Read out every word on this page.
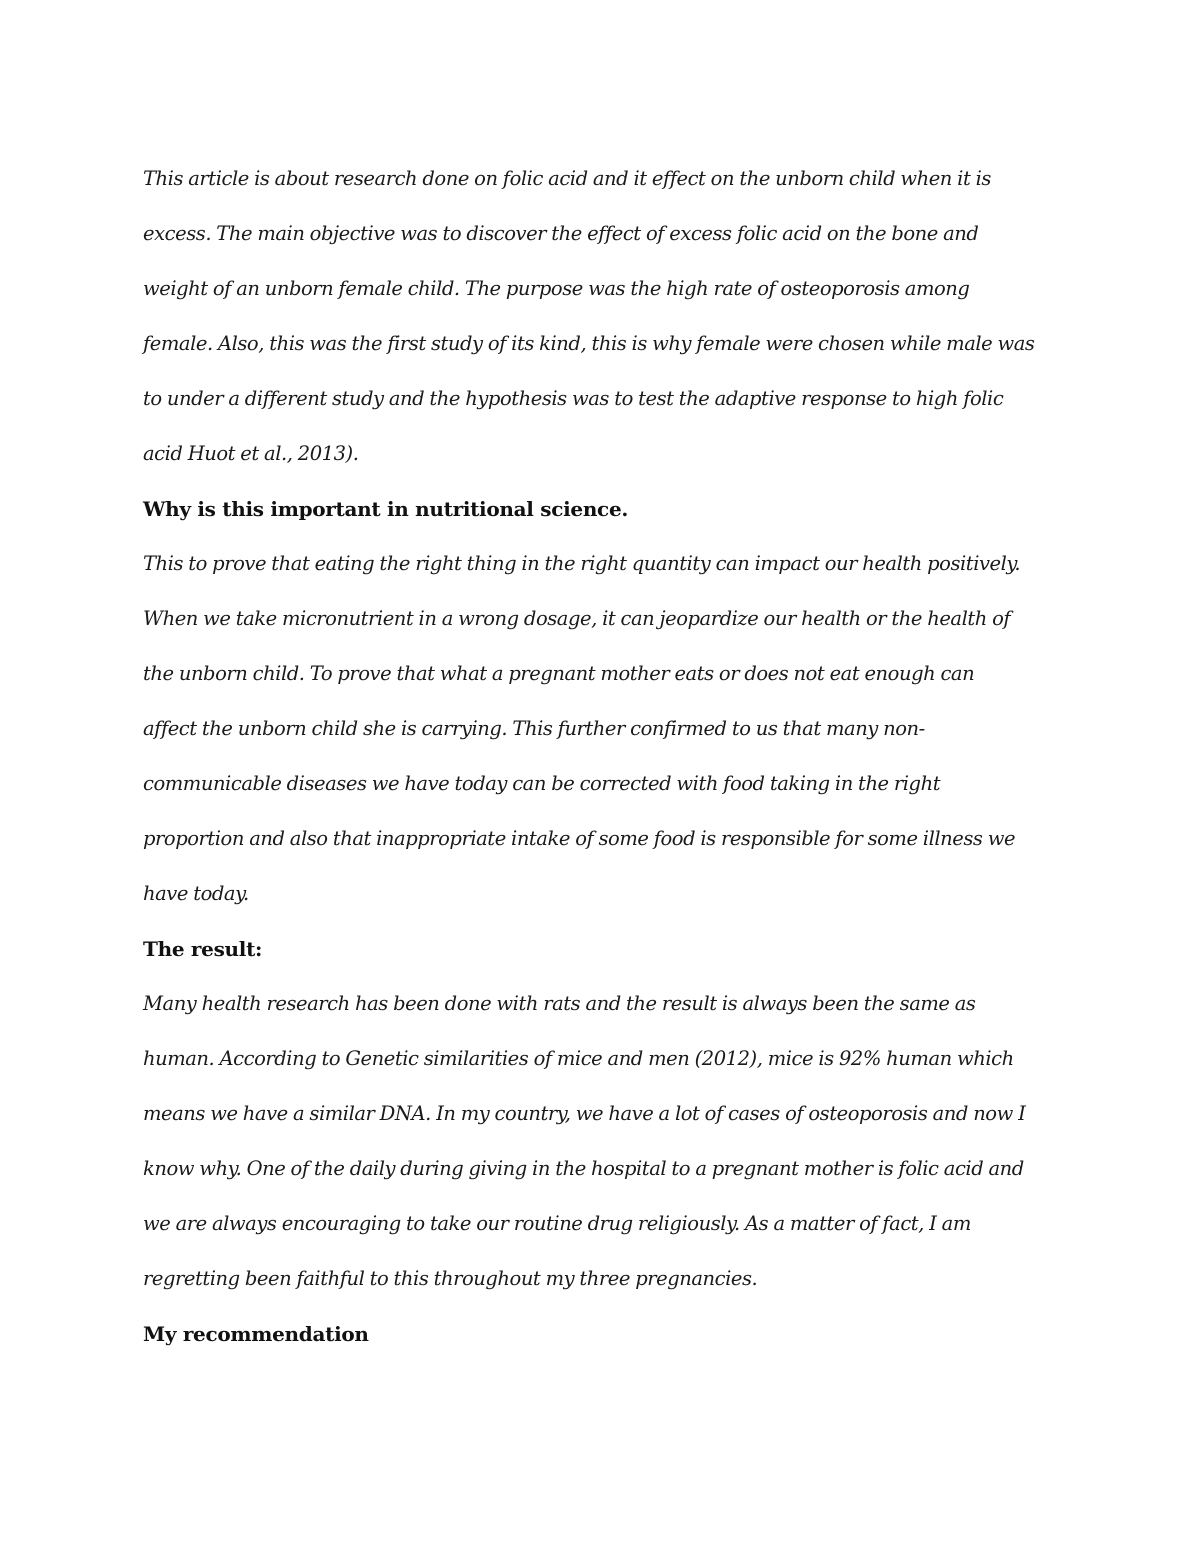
This article is about research done on folic acid and it effect on the unborn child when it is
excess. The main objective was to discover the effect of excess folic acid on the bone and
weight of an unborn female child. The purpose was the high rate of osteoporosis among
female. Also, this was the first study of its kind, this is why female were chosen while male was
to under a different study and the hypothesis was to test the adaptive response to high folic
acid Huot et al., 2013).
Why is this important in nutritional science.
This to prove that eating the right thing in the right quantity can impact our health positively.
When we take micronutrient in a wrong dosage, it can jeopardize our health or the health of
the unborn child. To prove that what a pregnant mother eats or does not eat enough can
affect the unborn child she is carrying. This further confirmed to us that many non-
communicable diseases we have today can be corrected with food taking in the right
proportion and also that inappropriate intake of some food is responsible for some illness we
have today.
The result:
Many health research has been done with rats and the result is always been the same as
human. According to Genetic similarities of mice and men (2012), mice is 92% human which
means we have a similar DNA. In my country, we have a lot of cases of osteoporosis and now I
know why. One of the daily during giving in the hospital to a pregnant mother is folic acid and
we are always encouraging to take our routine drug religiously. As a matter of fact, I am
regretting been faithful to this throughout my three pregnancies.
My recommendation
